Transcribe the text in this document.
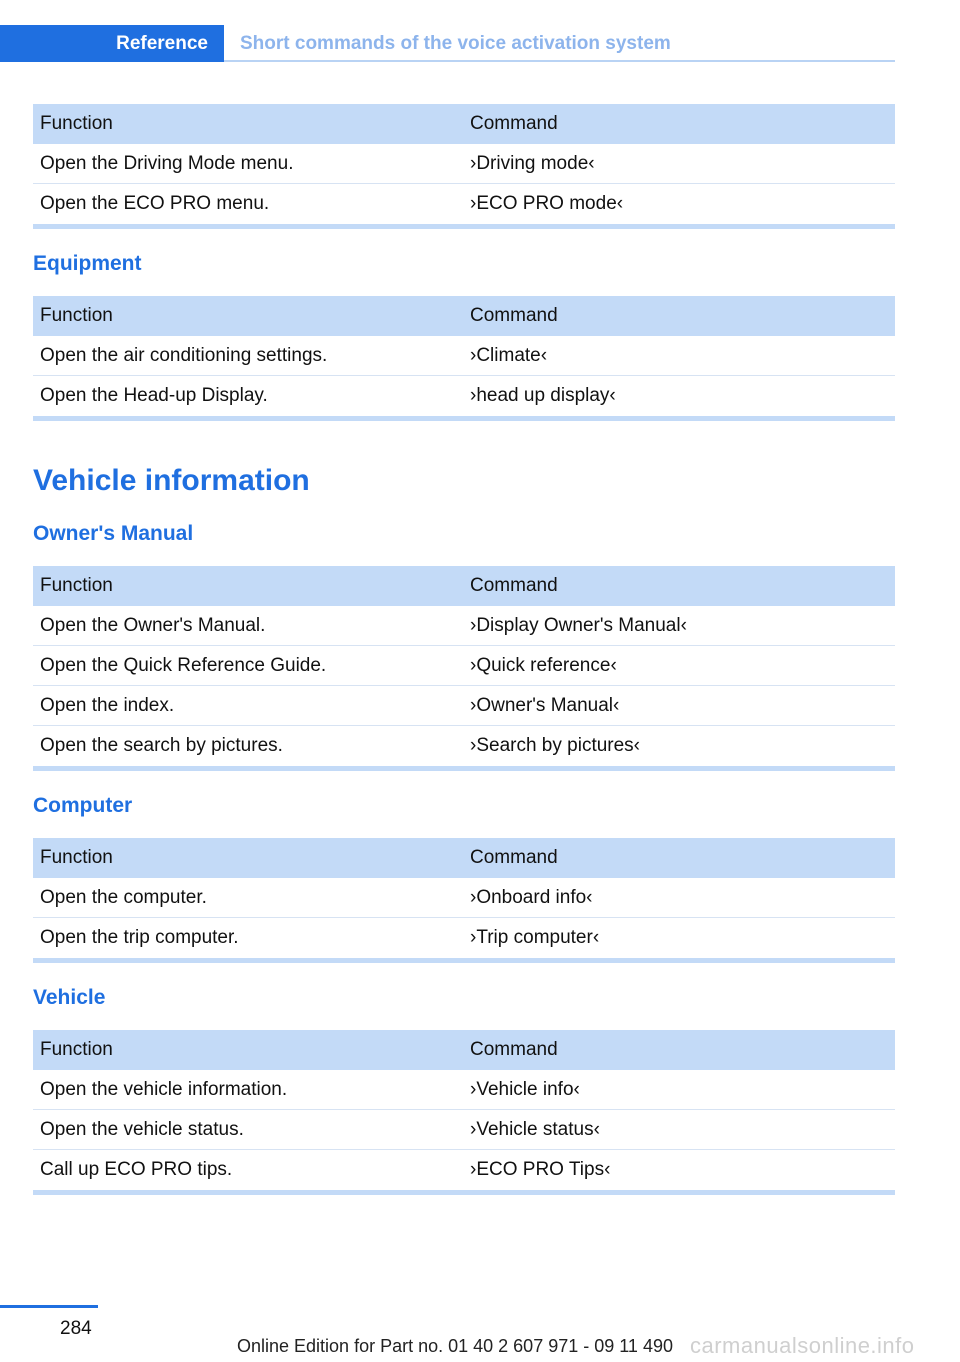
Reference	Short commands of the voice activation system
Function	Command
Open the Driving Mode menu.	›Driving mode‹
Open the ECO PRO menu.	›ECO PRO mode‹
Equipment
Function	Command
Open the air conditioning settings.	›Climate‹
Open the Head-up Display.	›head up display‹
Vehicle information
Owner's Manual
Function	Command
Open the Owner's Manual.	›Display Owner's Manual‹
Open the Quick Reference Guide.	›Quick reference‹
Open the index.	›Owner's Manual‹
Open the search by pictures.	›Search by pictures‹
Computer
Function	Command
Open the computer.	›Onboard info‹
Open the trip computer.	›Trip computer‹
Vehicle
Function	Command
Open the vehicle information.	›Vehicle info‹
Open the vehicle status.	›Vehicle status‹
Call up ECO PRO tips.	›ECO PRO Tips‹
284
Online Edition for Part no. 01 40 2 607 971 - 09 11 490 carmanualsonline.info
